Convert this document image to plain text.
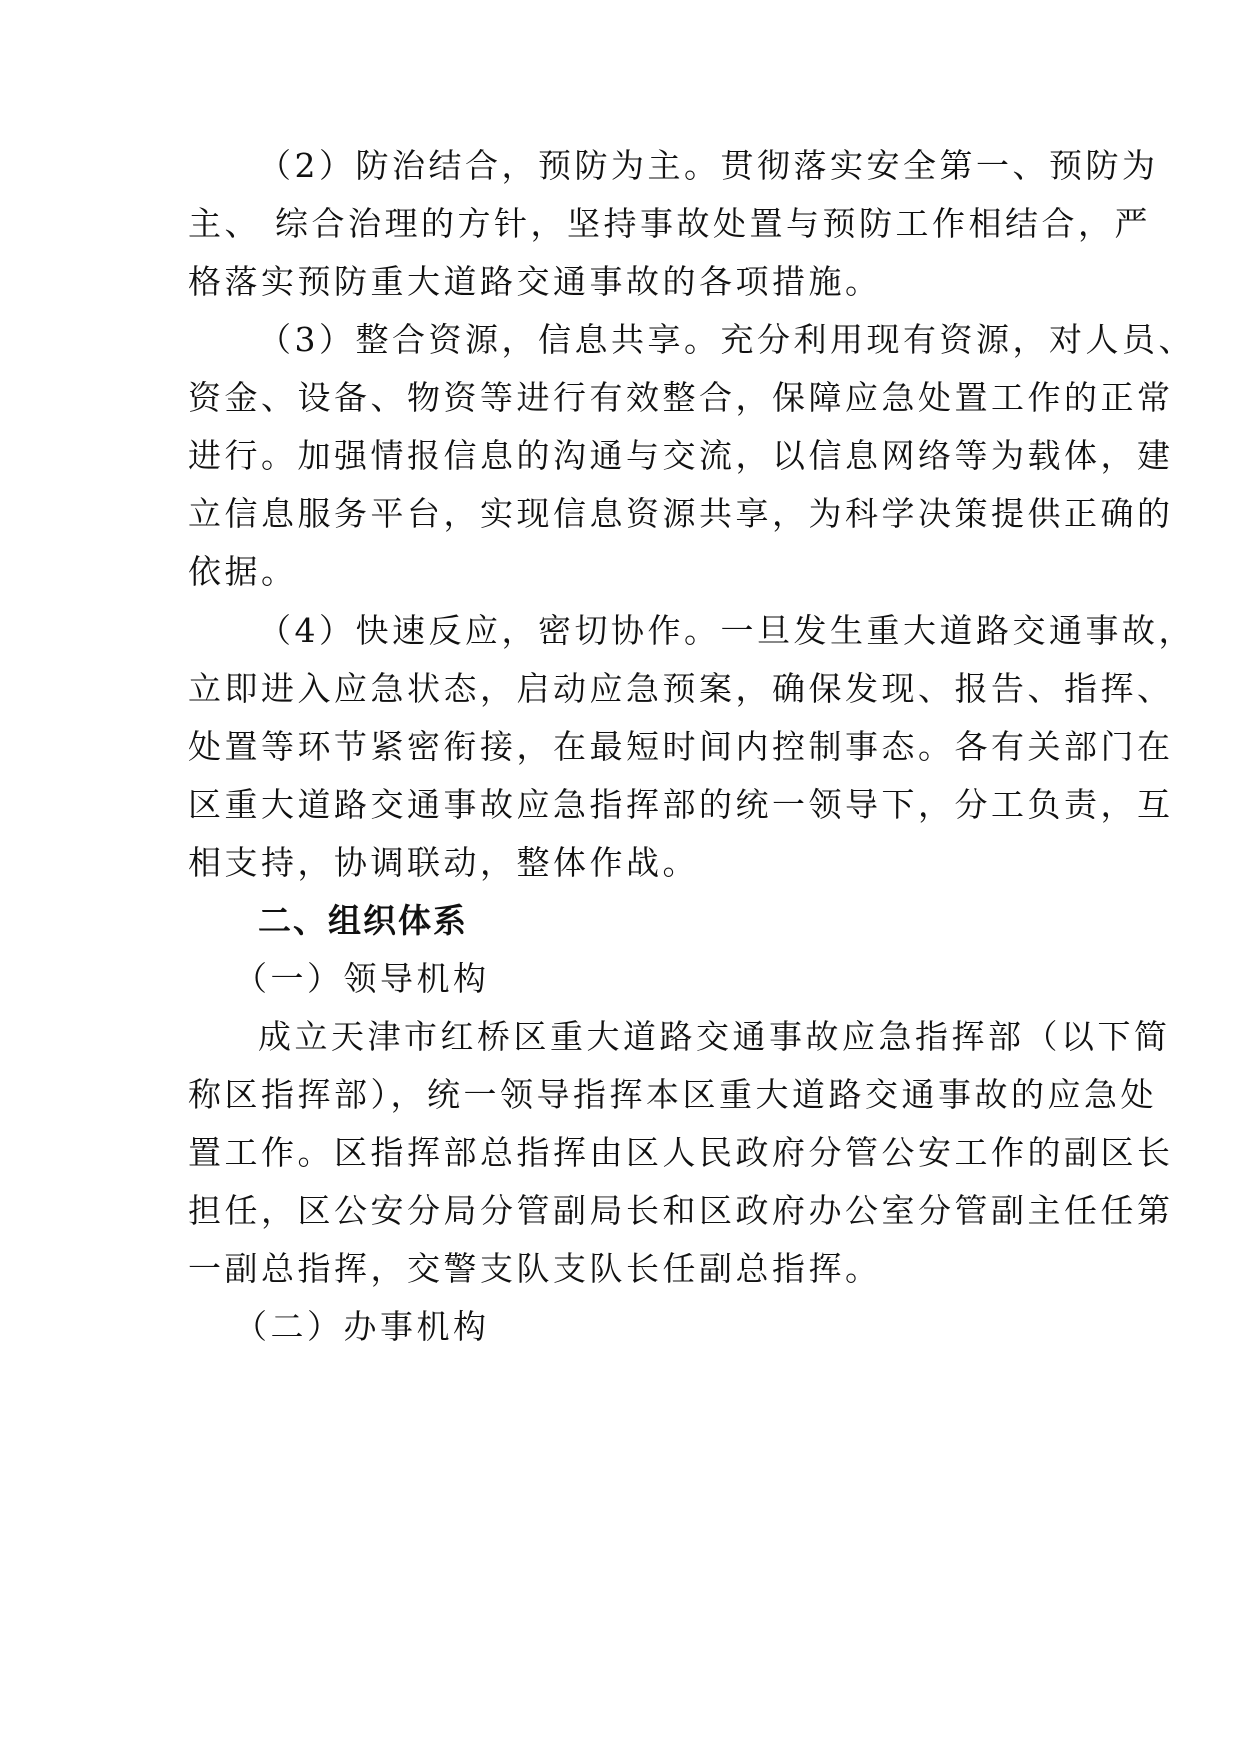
（2）防治结合，预防为主。贯彻落实安全第一、预防为
主、 综合治理的方针，坚持事故处置与预防工作相结合，严
格落实预防重大道路交通事故的各项措施。
（3）整合资源，信息共享。充分利用现有资源，对人员、
资金、设备、物资等进行有效整合，保障应急处置工作的正常
进行。加强情报信息的沟通与交流，以信息网络等为载体，建
立信息服务平台，实现信息资源共享，为科学决策提供正确的
依据。
（4）快速反应，密切协作。一旦发生重大道路交通事故，
立即进入应急状态，启动应急预案，确保发现、报告、指挥、
处置等环节紧密衔接，在最短时间内控制事态。各有关部门在
区重大道路交通事故应急指挥部的统一领导下，分工负责，互
相支持，协调联动，整体作战。
二、组织体系
（一）领导机构
成立天津市红桥区重大道路交通事故应急指挥部（以下简
称区指挥部），统一领导指挥本区重大道路交通事故的应急处
置工作。区指挥部总指挥由区人民政府分管公安工作的副区长
担任，区公安分局分管副局长和区政府办公室分管副主任任第
一副总指挥，交警支队支队长任副总指挥。
（二）办事机构
